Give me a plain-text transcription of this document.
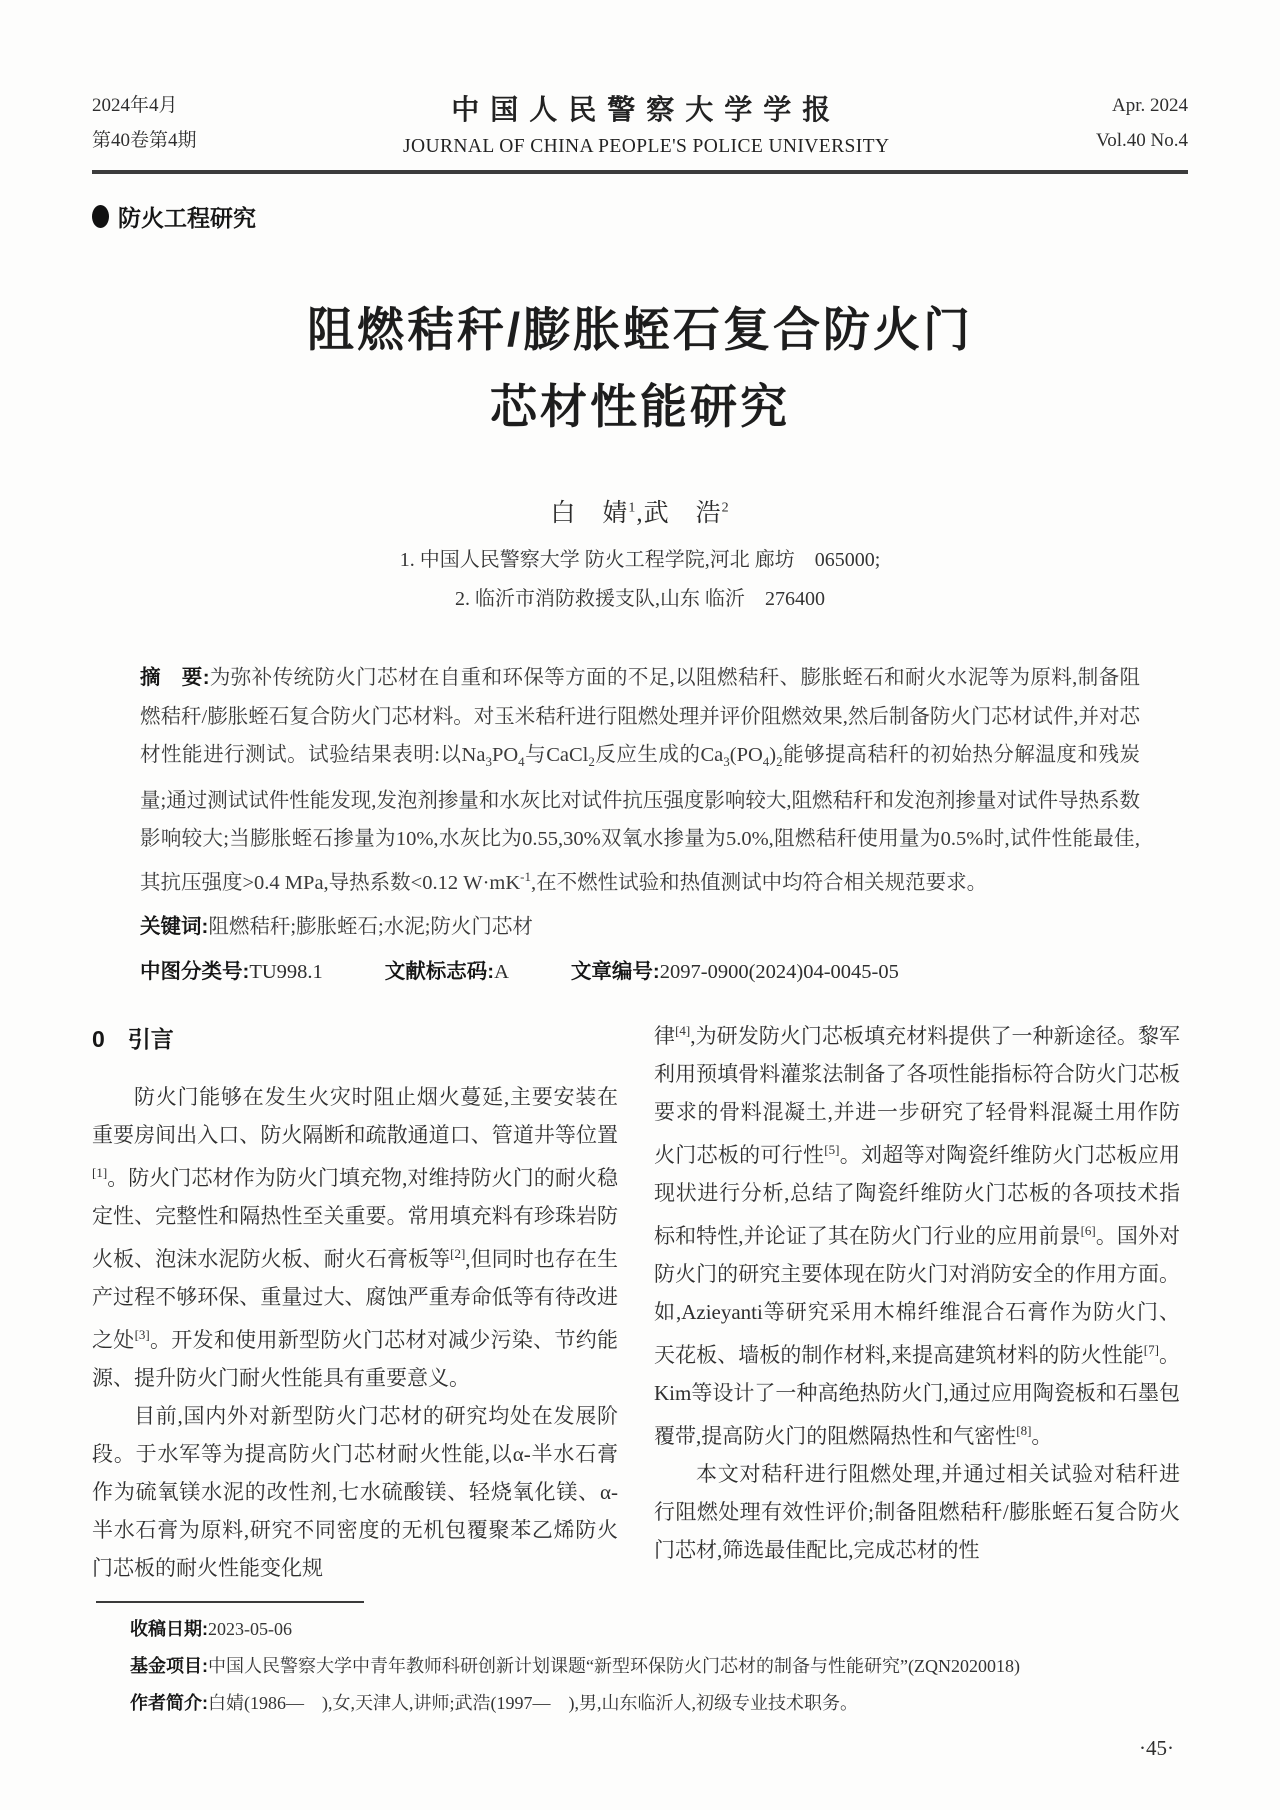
2024年4月
第40卷第4期
中国人民警察大学学报
JOURNAL OF CHINA PEOPLE'S POLICE UNIVERSITY
Apr. 2024
Vol.40 No.4
防火工程研究
阻燃秸秆/膨胀蛭石复合防火门
芯材性能研究
白　婧$^1$,武　浩$^2$
1. 中国人民警察大学 防火工程学院,河北 廊坊　065000;
2. 临沂市消防救援支队,山东 临沂　276400

摘　要:为弥补传统防火门芯材在自重和环保等方面的不足,以阻燃秸秆、膨胀蛭石和耐火水泥等为原料,制备阻燃秸秆/膨胀蛭石复合防火门芯材料。对玉米秸秆进行阻燃处理并评价阻燃效果,然后制备防火门芯材试件,并对芯材性能进行测试。试验结果表明:以$Na_3PO_4$与CaCl$_2$反应生成的$Ca_3(PO_4)_2$能够提高秸秆的初始热分解温度和残炭量;通过测试试件性能发现,发泡剂掺量和水灰比对试件抗压强度影响较大,阻燃秸秆和发泡剂掺量对试件导热系数影响较大;当膨胀蛭石掺量为10%,水灰比为0.55,30%双氧水掺量为5.0%,阻燃秸秆使用量为0.5%时,试件性能最佳,其抗压强度>0.4 MPa,导热系数<0.12 $W\cdot mK^{-1}$,在不燃性试验和热值测试中均符合相关规范要求。

关键词:阻燃秸秆;膨胀蛭石;水泥;防火门芯材

中图分类号:TU998.1	文献标志码:A	文章编号:2097-0900(2024)04-0045-05
0　引言

防火门能够在发生火灾时阻止烟火蔓延,主要安装在重要房间出入口、防火隔断和疏散通道口、管道井等位置[1]。防火门芯材作为防火门填充物,对维持防火门的耐火稳定性、完整性和隔热性至关重要。常用填充料有珍珠岩防火板、泡沫水泥防火板、耐火石膏板等[2],但同时也存在生产过程不够环保、重量过大、腐蚀严重寿命低等有待改进之处[3]。开发和使用新型防火门芯材对减少污染、节约能源、提升防火门耐火性能具有重要意义。

目前,国内外对新型防火门芯材的研究均处在发展阶段。于水军等为提高防火门芯材耐火性能,以α-半水石膏作为硫氧镁水泥的改性剂,七水硫酸镁、轻烧氧化镁、α-半水石膏为原料,研究不同密度的无机包覆聚苯乙烯防火门芯板的耐火性能变化规

律[4],为研发防火门芯板填充材料提供了一种新途径。黎军利用预填骨料灌浆法制备了各项性能指标符合防火门芯板要求的骨料混凝土,并进一步研究了轻骨料混凝土用作防火门芯板的可行性[5]。刘超等对陶瓷纤维防火门芯板应用现状进行分析,总结了陶瓷纤维防火门芯板的各项技术指标和特性,并论证了其在防火门行业的应用前景[6]。国外对防火门的研究主要体现在防火门对消防安全的作用方面。如,Azieyanti等研究采用木棉纤维混合石膏作为防火门、天花板、墙板的制作材料,来提高建筑材料的防火性能[7]。Kim等设计了一种高绝热防火门,通过应用陶瓷板和石墨包覆带,提高防火门的阻燃隔热性和气密性[8]。

本文对秸秆进行阻燃处理,并通过相关试验对秸秆进行阻燃处理有效性评价;制备阻燃秸秆/膨胀蛭石复合防火门芯材,筛选最佳配比,完成芯材的性

收稿日期:2023-05-06
基金项目:中国人民警察大学中青年教师科研创新计划课题“新型环保防火门芯材的制备与性能研究”(ZQN2020018)
作者简介:白婧(1986—　),女,天津人,讲师;武浩(1997—　),男,山东临沂人,初级专业技术职务。
·45·
